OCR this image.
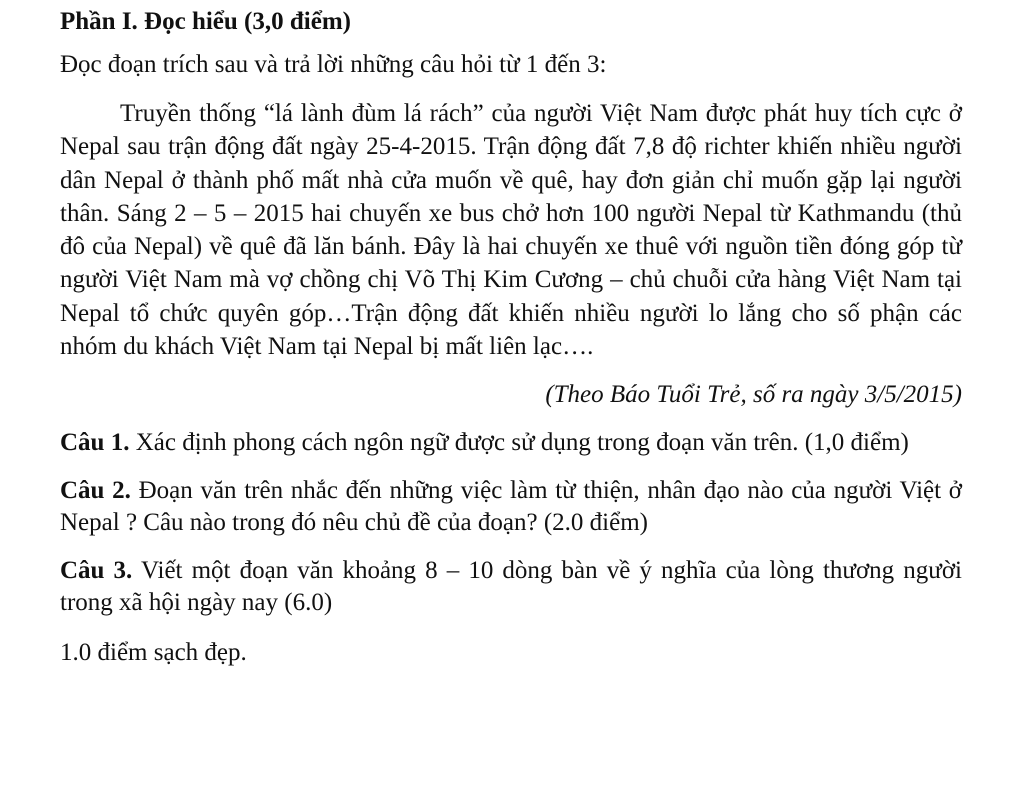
Phần I. Đọc hiểu (3,0 điểm)

Đọc đoạn trích sau và trả lời những câu hỏi từ 1 đến 3:

Truyền thống “lá lành đùm lá rách” của người Việt Nam được phát huy tích cực ở Nepal sau trận động đất ngày 25-4-2015. Trận động đất 7,8 độ richter khiến nhiều người dân Nepal ở thành phố mất nhà cửa muốn về quê, hay đơn giản chỉ muốn gặp lại người thân. Sáng 2 – 5 – 2015 hai chuyến xe bus chở hơn 100 người Nepal từ Kathmandu (thủ đô của Nepal) về quê đã lăn bánh. Đây là hai chuyến xe thuê với nguồn tiền đóng góp từ người Việt Nam mà vợ chồng chị Võ Thị Kim Cương – chủ chuỗi cửa hàng Việt Nam tại Nepal tổ chức quyên góp…Trận động đất khiến nhiều người lo lắng cho số phận các nhóm du khách Việt Nam tại Nepal bị mất liên lạc….

(Theo Báo Tuổi Trẻ, số ra ngày 3/5/2015)

Câu 1. Xác định phong cách ngôn ngữ được sử dụng trong đoạn văn trên. (1,0 điểm)

Câu 2. Đoạn văn trên nhắc đến những việc làm từ thiện, nhân đạo nào của người Việt ở Nepal ? Câu nào trong đó nêu chủ đề của đoạn? (2.0 điểm)

Câu 3. Viết một đoạn văn khoảng 8 – 10 dòng bàn về ý nghĩa của lòng thương người trong xã hội ngày nay (6.0)

1.0 điểm sạch đẹp.
